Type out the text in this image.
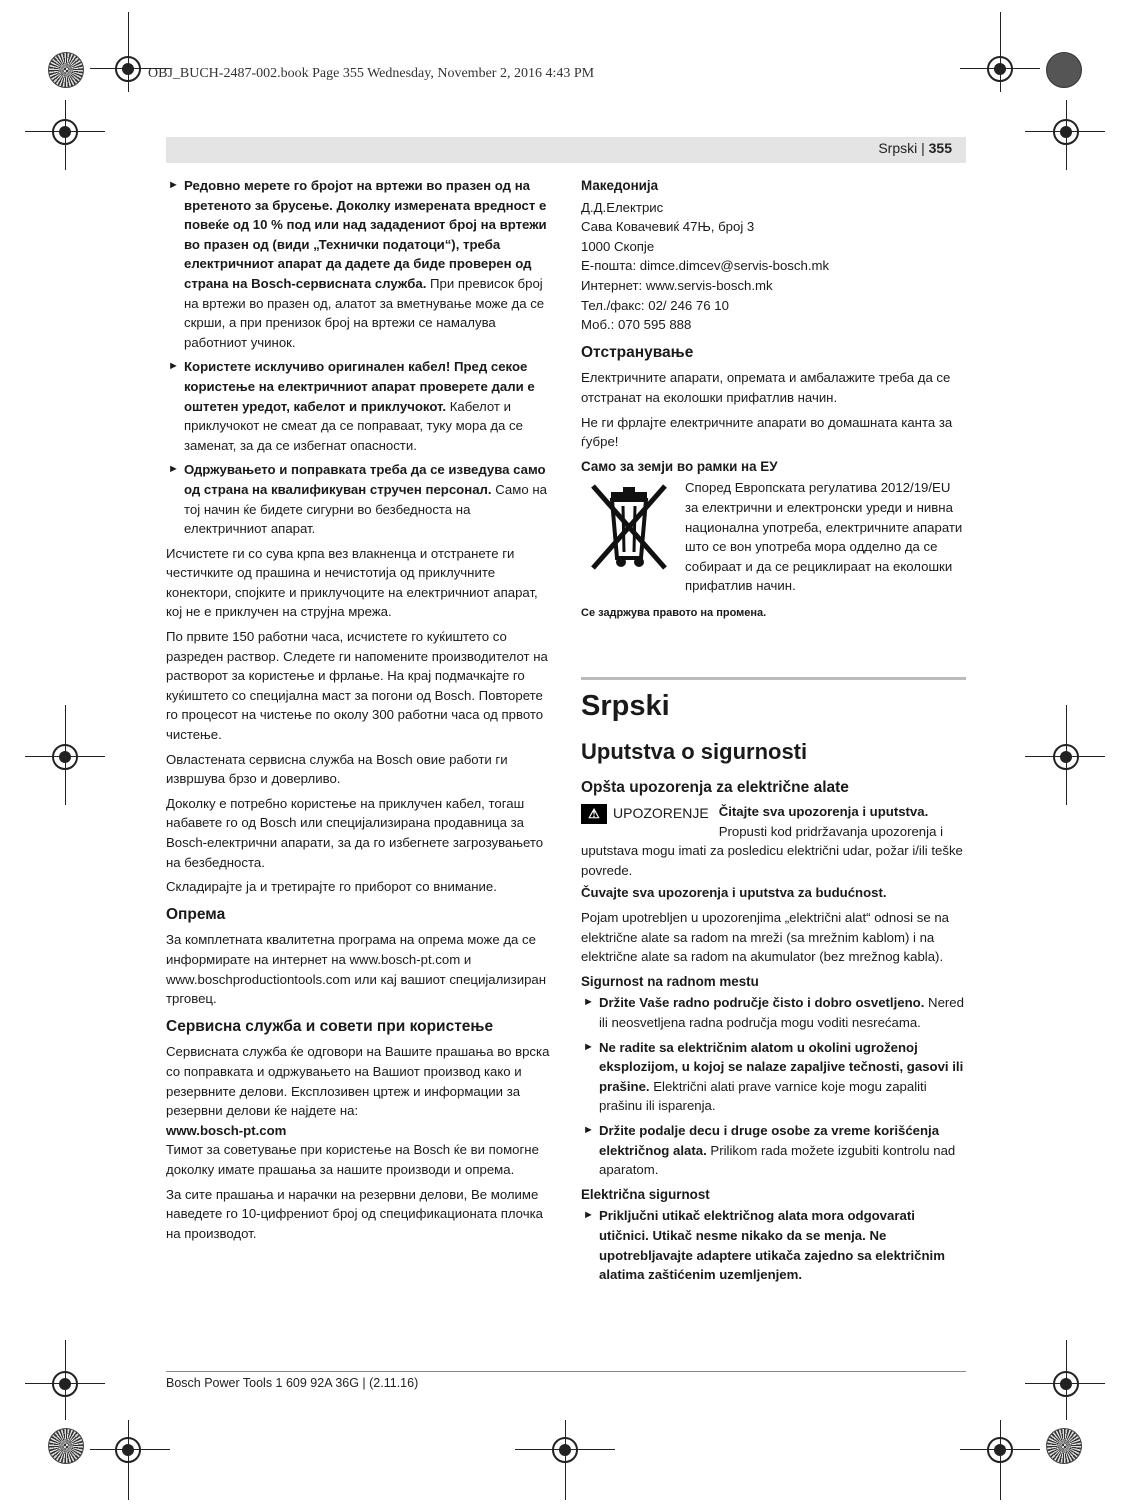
OBJ_BUCH-2487-002.book Page 355 Wednesday, November 2, 2016 4:43 PM
Srpski | 355
► Редовно мерете го бројот на вртежи во празен од на вретеното за брусење. Доколку измерената вредност е повеќе од 10 % под или над зададениот број на вртежи во празен од (види „Технички податоци“), треба електричниот апарат да дадете да биде проверен од страна на Bosch-сервисната служба. При превисок број на вртежи во празен од, алатот за вметнување може да се скрши, а при пренизок број на вртежи се намалува работниот учинок.
► Користете исклучиво оригинален кабел! Пред секое користење на електричниот апарат проверете дали е оштетен уредот, кабелот и приклучокот. Кабелот и приклучокот не смеат да се поправаат, туку мора да се заменат, за да се избегнат опасности.
► Одржувањето и поправката треба да се изведува само од страна на квалификуван стручен персонал. Само на тој начин ќе бидете сигурни во безбедноста на електричниот апарат.

Исчистете ги со сува крпа вез влакненца и отстранете ги честичките од прашина и нечистотија од приклучните конектори, спојките и приклучоците на електричниот апарат, кој не е приклучен на струјна мрежа.

По првите 150 работни часа, исчистете го куќиштето со разреден раствор. Следете ги напомените производителот на растворот за користење и фрлање. На крај подмачкајте го куќиштето со специјална маст за погони од Bosch. Повторете го процесот на чистење по околу 300 работни часа од првото чистење.

Овластената сервисна служба на Bosch овие работи ги извршува брзо и доверливо.

Доколку е потребно користење на приклучен кабел, тогаш набавете го од Bosch или специјализирана продавница за Bosch-електрични апарати, за да го избегнете загрозувањето на безбедноста.

Складирајте ја и третирајте го приборот со внимание.

Опрема

За комплетната квалитетна програма на опрема може да се информирате на интернет на www.bosch-pt.com и www.boschproductiontools.com или кај вашиот специјализиран трговец.

Сервисна служба и совети при користење

Сервисната служба ќе одговори на Вашите прашања во врска со поправката и одржувањето на Вашиот производ како и резервните делови. Експлозивен цртеж и информации за резервни делови ќе најдете на:

www.bosch-pt.com

Тимот за советување при користење на Bosch ќе ви помогне доколку имате прашања за нашите производи и опрема.

За сите прашања и нарачки на резервни делови, Ве молиме наведете го 10-цифрениот број од спецификационата плочка на производот.

Македонија
Д.Д.Електрис
Сава Ковачевиќ 47Њ, број 3
1000 Скопје
Е-пошта: dimce.dimcev@servis-bosch.mk
Интернет: www.servis-bosch.mk
Тел./факс: 02/ 246 76 10
Моб.: 070 595 888
Отстранување

Електричните апарати, опремата и амбалажите треба да се отстранат на еколошки прифатлив начин.

Не ги фрлајте електричните апарати во домашната канта за ѓубре!

Само за земји во рамки на ЕУ
Според Европската регулатива 2012/19/EU за електрични и електронски уреди и нивна национална употреба, електричните апарати што се вон употреба мора одделно да се собираат и да се рециклираат на еколошки прифатлив начин.

Се задржува правото на промена.

Srpski
Uputstva o sigurnosti
Opšta upozorenja za električne alate
⚠ UPOZORENJE Čitajte sva upozorenja i uputstva. Propusti kod pridržavanja upozorenja i uputstava mogu imati za posledicu električni udar, požar i/ili teške povrede.

Čuvajte sva upozorenja i uputstva za budućnost.

Pojam upotrebljen u upozorenjima „električni alat“ odnosi se na električne alate sa radom na mreži (sa mrežnim kablom) i na električne alate sa radom na akumulator (bez mrežnog kabla).

Sigurnost na radnom mestu
► Držite Vaše radno područje čisto i dobro osvetljeno. Nered ili neosvetljena radna područja mogu voditi nesrećama.
► Ne radite sa električnim alatom u okolini ugroženoj eksplozijom, u kojoj se nalaze zapaljive tečnosti, gasovi ili prašine. Električni alati prave varnice koje mogu zapaliti prašinu ili isparenja.
► Držite podalje decu i druge osobe za vreme korišćenja električnog alata. Prilikom rada možete izgubiti kontrolu nad aparatom.
Električna sigurnost
► Priključni utikač električnog alata mora odgovarati utičnici. Utikač nesme nikako da se menja. Ne upotrebljavajte adaptere utikača zajedno sa električnim alatima zaštićenim uzemljenjem.
Bosch Power Tools 1 609 92A 36G | (2.11.16)
